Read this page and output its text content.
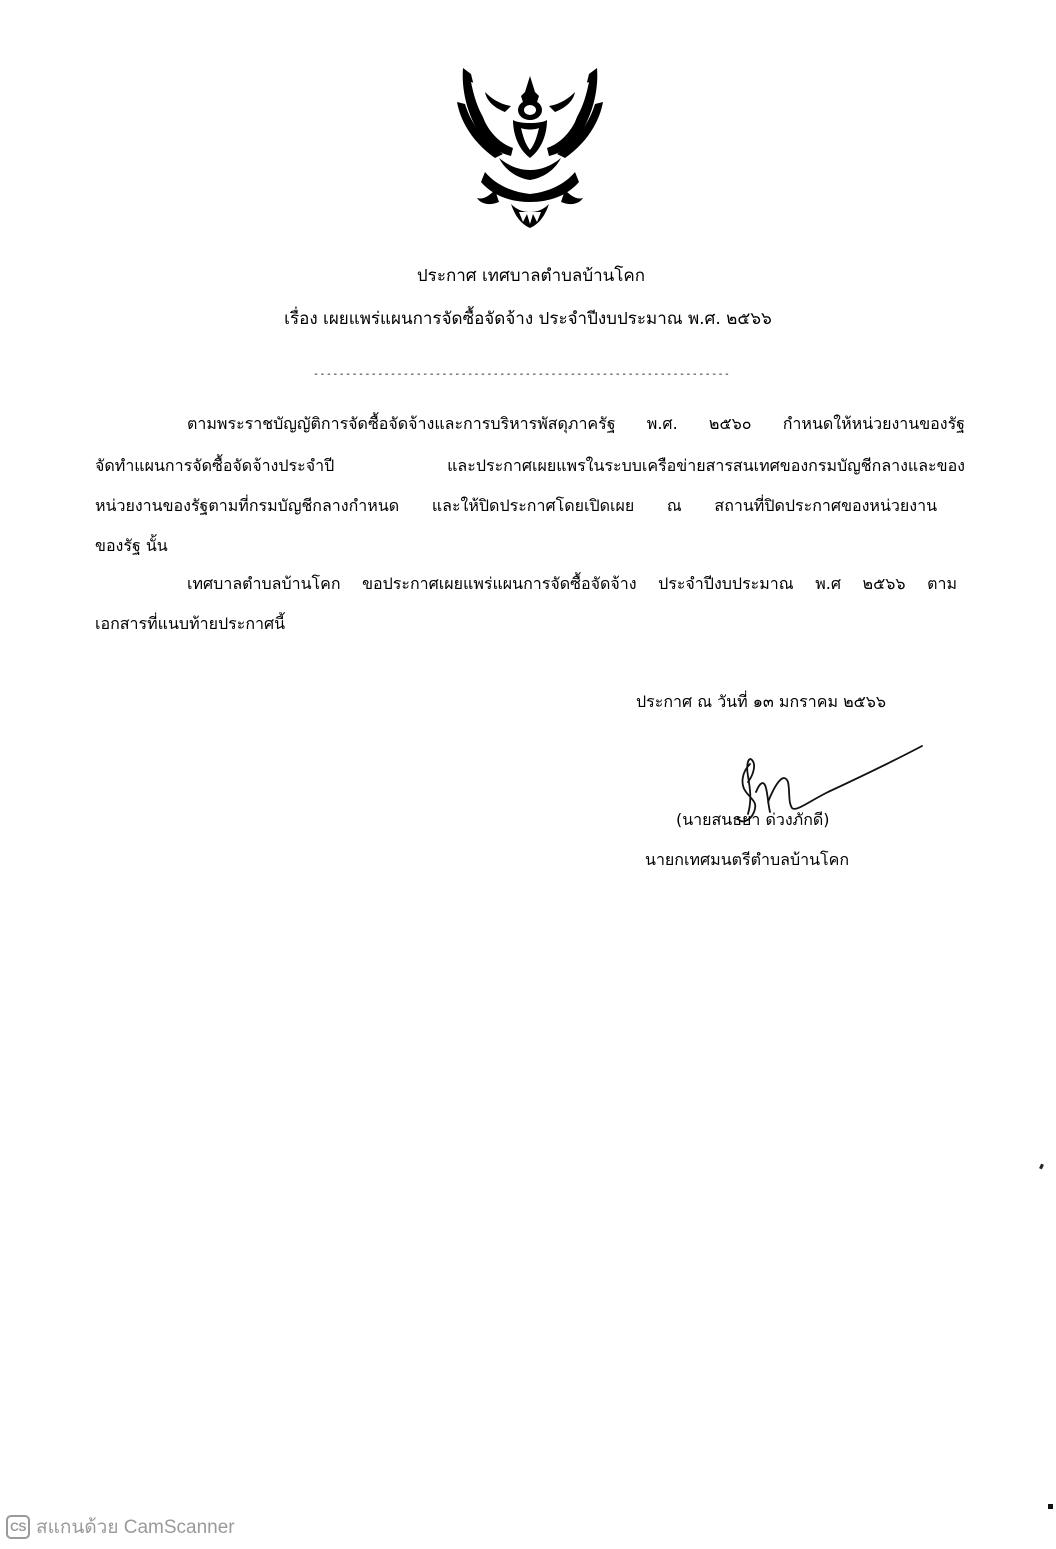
ประกาศ เทศบาลตำบลบ้านโคก
เรื่อง เผยแพร่แผนการจัดซื้อจัดจ้าง ประจำปีงบประมาณ พ.ศ. ๒๕๖๖
-----------------------------------------------------------------
ตามพระราชบัญญัติการจัดซื้อจัดจ้างและการบริหารพัสดุภาครัฐ พ.ศ. ๒๕๖๐ กำหนดให้หน่วยงานของรัฐ
จัดทำแผนการจัดซื้อจัดจ้างประจำปี และประกาศเผยแพรในระบบเครือข่ายสารสนเทศของกรมบัญชีกลางและของ
หน่วยงานของรัฐตามที่กรมบัญชีกลางกำหนด และให้ปิดประกาศโดยเปิดเผย ณ สถานที่ปิดประกาศของหน่วยงาน
ของรัฐ นั้น
เทศบาลตำบลบ้านโคก ขอประกาศเผยแพร่แผนการจัดซื้อจัดจ้าง ประจำปีงบประมาณ พ.ศ ๒๕๖๖ ตาม
เอกสารที่แนบท้ายประกาศนี้
ประกาศ ณ วันที่ ๑๓ มกราคม ๒๕๖๖
(นายสนธยา ด่วงภักดี)
นายกเทศมนตรีตำบลบ้านโคก
CS สแกนด้วย CamScanner
